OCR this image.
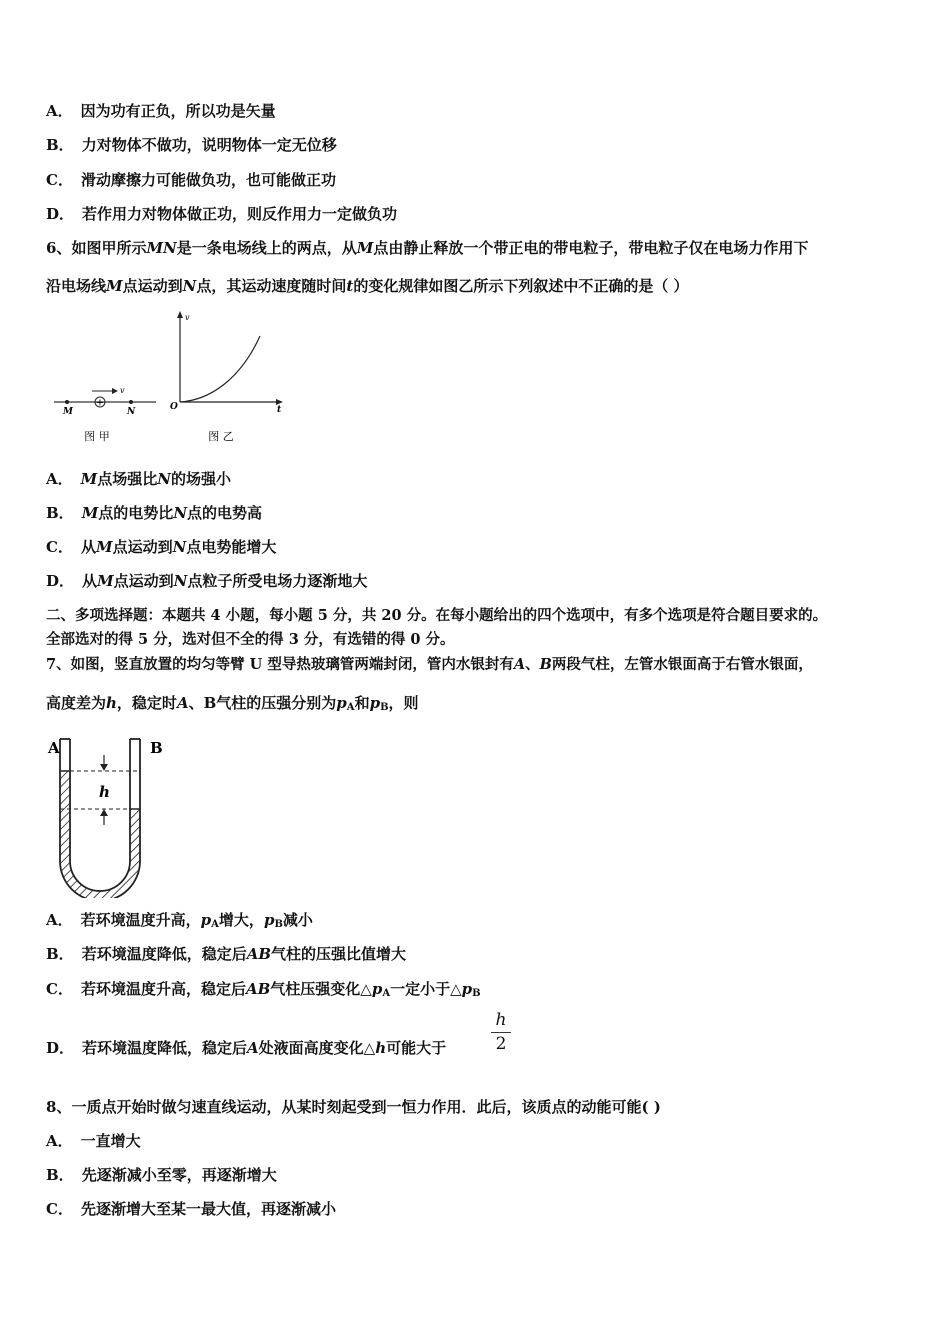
A． 因为功有正负，所以功是矢量
B． 力对物体不做功，说明物体一定无位移
C． 滑动摩擦力可能做负功，也可能做正功
D． 若作用力对物体做正功，则反作用力一定做负功
6、如图甲所示MN是一条电场线上的两点，从M点由静止释放一个带正电的带电粒子，带电粒子仅在电场力作用下
沿电场线M点运动到N点，其运动速度随时间t的变化规律如图乙所示下列叙述中不正确的是（ ）
+
v
M	N
图 甲
v
O	t
图 乙
A． M点场强比N的场强小
B． M点的电势比N点的电势高
C． 从M点运动到N点电势能增大
D． 从M点运动到N点粒子所受电场力逐渐地大
二、多项选择题：本题共 4 小题，每小题 5 分，共 20 分。在每小题给出的四个选项中，有多个选项是符合题目要求的。
全部选对的得 5 分，选对但不全的得 3 分，有选错的得 0 分。
7、如图，竖直放置的均匀等臂 U 型导热玻璃管两端封闭，管内水银封有A、B两段气柱，左管水银面高于右管水银面，
高度差为h，稳定时A、B气柱的压强分别为$p_A$和$p_B$，则
h
A	B
A． 若环境温度升高，$p_A$增大，$p_B$减小
B． 若环境温度降低，稳定后AB气柱的压强比值增大
C． 若环境温度升高，稳定后AB气柱压强变化$\triangle p_A$一定小于$\triangle p_B$
D． 若环境温度降低，稳定后A处液面高度变化△h可能大于
h
2
8、一质点开始时做匀速直线运动，从某时刻起受到一恒力作用．此后，该质点的动能可能( )
A． 一直增大
B． 先逐渐减小至零，再逐渐增大
C． 先逐渐增大至某一最大值，再逐渐减小
